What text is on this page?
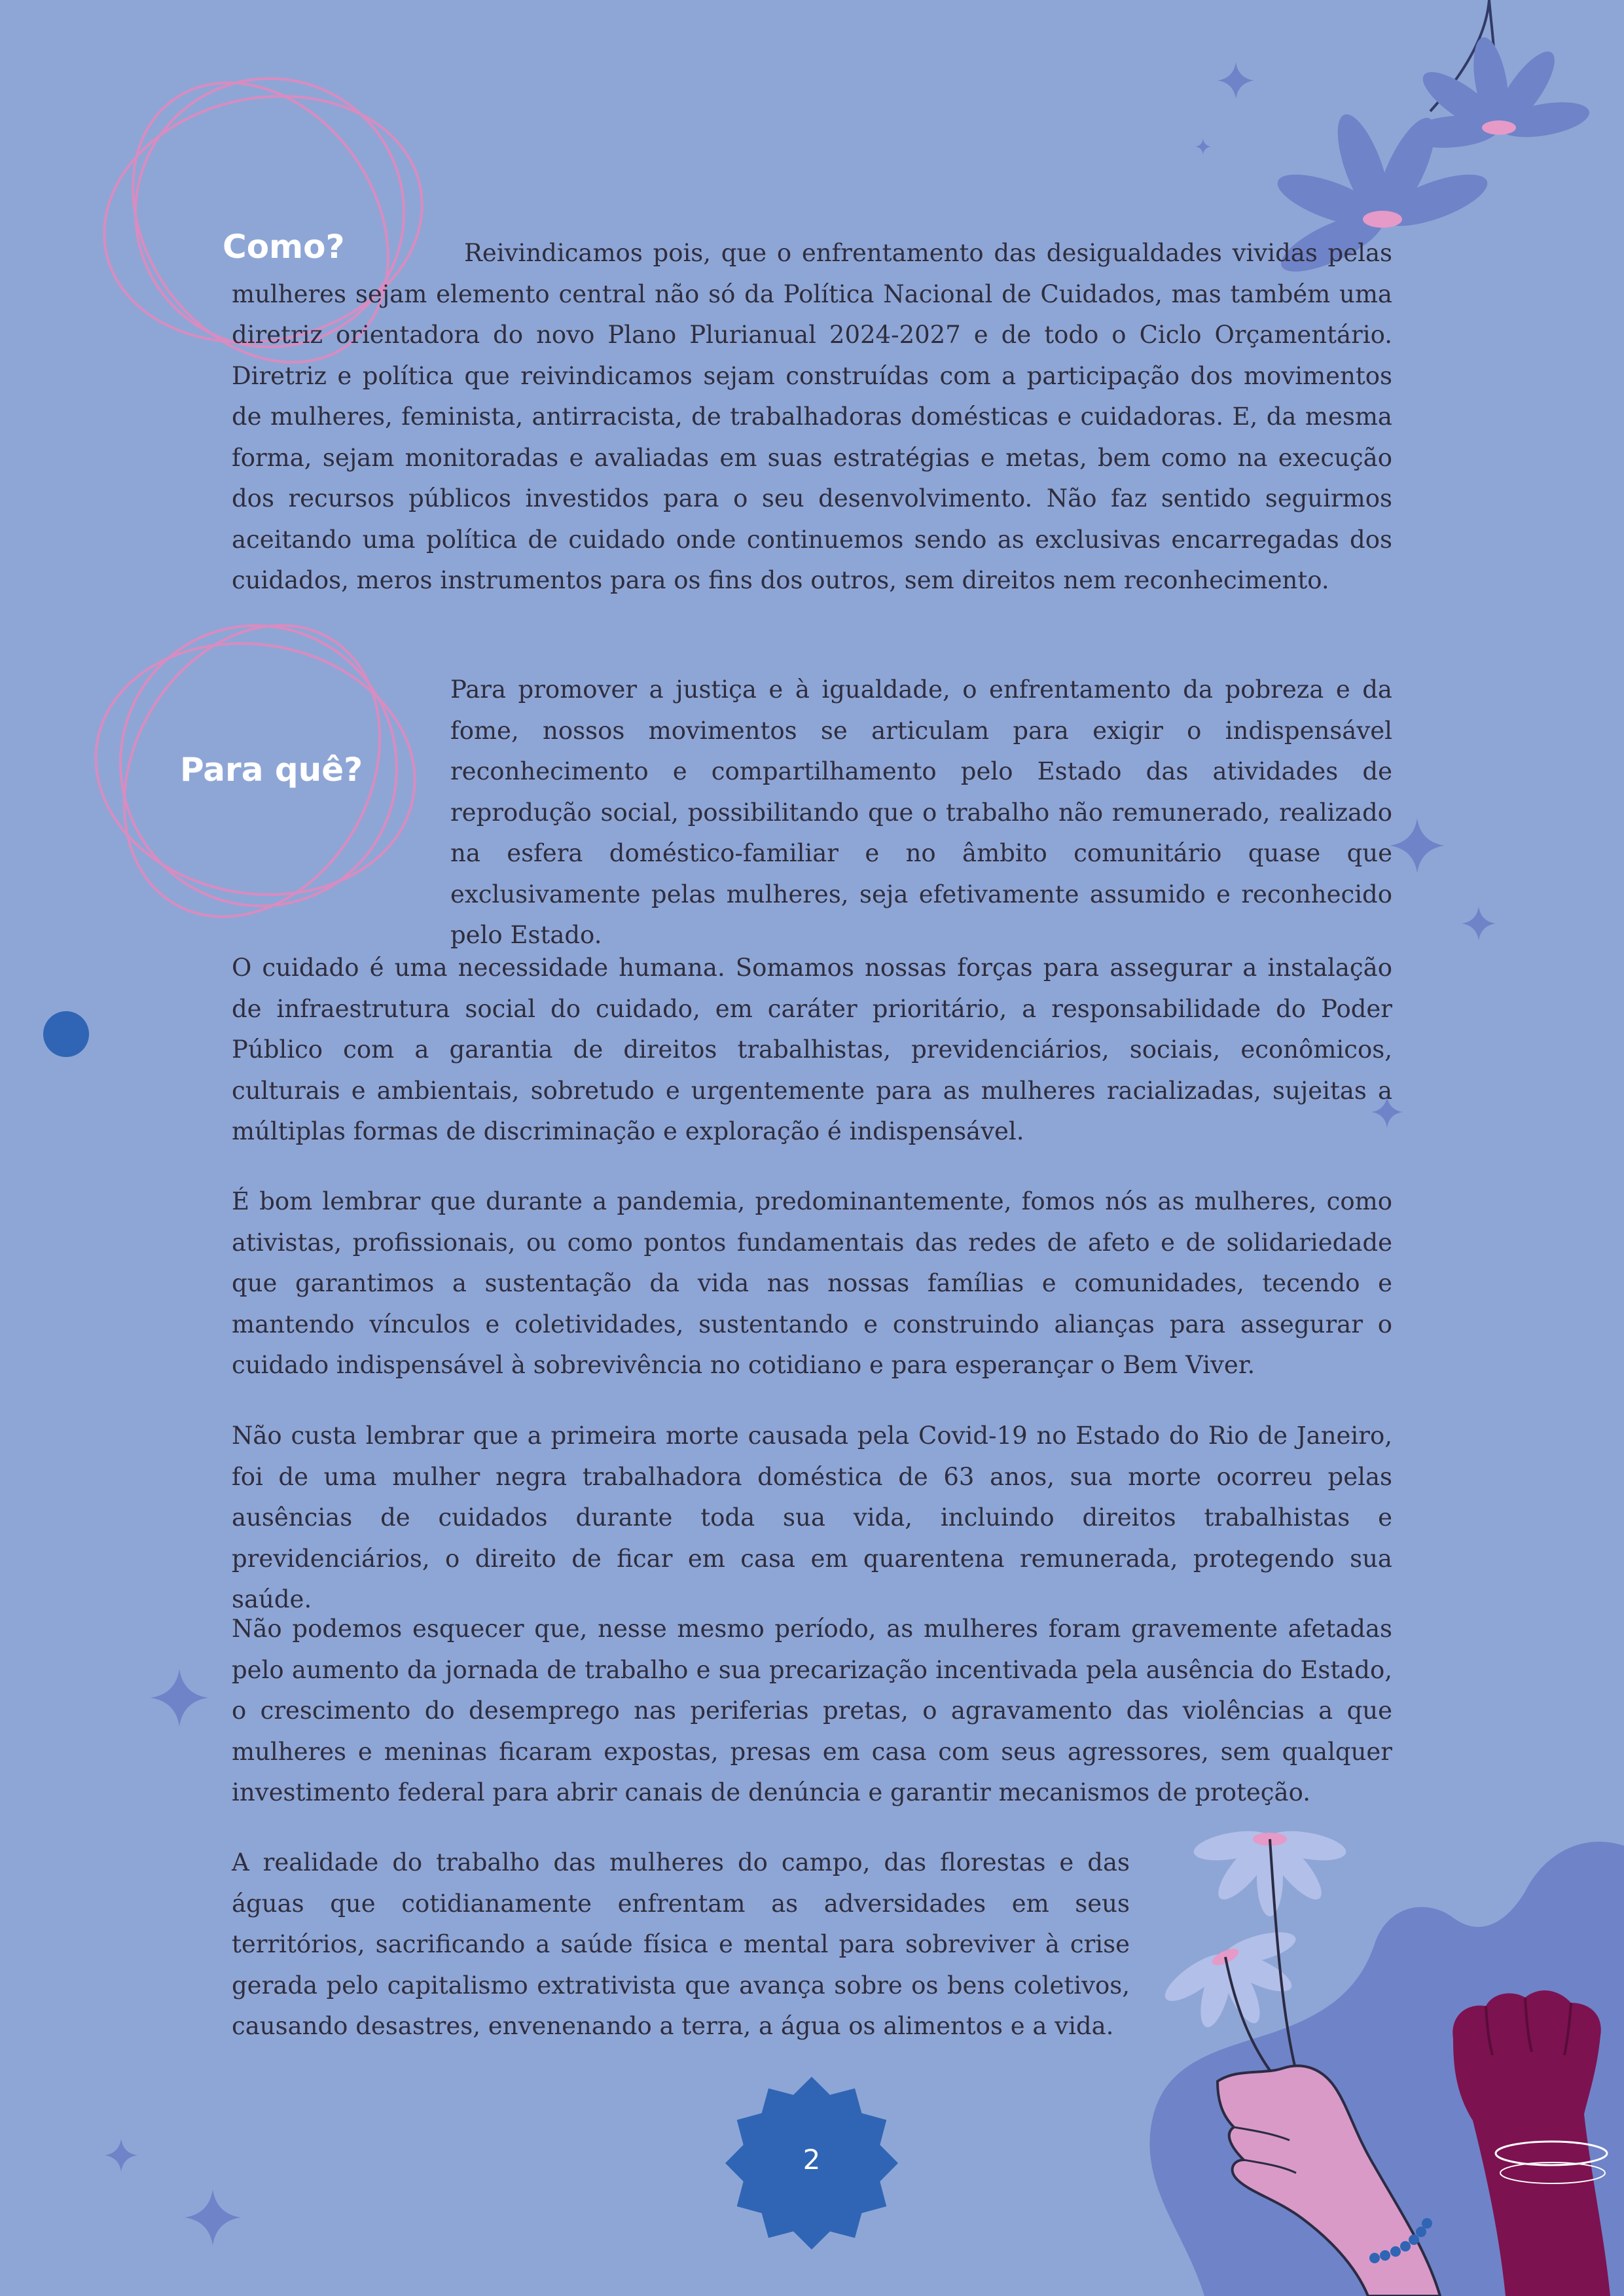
Como?
Para quê?

Reivindicamos pois, que o enfrentamento das desigualdades vividas pelas mulheres sejam elemento central não só da Política Nacional de Cuidados, mas também uma diretriz orientadora do novo Plano Plurianual 2024-2027 e de todo o Ciclo Orçamentário. Diretriz e política que reivindicamos sejam construídas com a participação dos movimentos de mulheres, feminista, antirracista, de trabalhadoras domésticas e cuidadoras. E, da mesma forma, sejam monitoradas e avaliadas em suas estratégias e metas, bem como na execução dos recursos públicos investidos para o seu desenvolvimento. Não faz sentido seguirmos aceitando uma política de cuidado onde continuemos sendo as exclusivas encarregadas dos cuidados, meros instrumentos para os fins dos outros, sem direitos nem reconhecimento.

Para promover a justiça e à igualdade, o enfrentamento da pobreza e da fome, nossos movimentos se articulam para exigir o indispensável reconhecimento e compartilhamento pelo Estado das atividades de reprodução social, possibilitando que o trabalho não remunerado, realizado na esfera doméstico-familiar e no âmbito comunitário quase que exclusivamente pelas mulheres, seja efetivamente assumido e reconhecido pelo Estado.

O cuidado é uma necessidade humana. Somamos nossas forças para assegurar a instalação de infraestrutura social do cuidado, em caráter prioritário, a responsabilidade do Poder Público com a garantia de direitos trabalhistas, previdenciários, sociais, econômicos, culturais e ambientais, sobretudo e urgentemente para as mulheres racializadas, sujeitas a múltiplas formas de discriminação e exploração é indispensável.

É bom lembrar que durante a pandemia, predominantemente, fomos nós as mulheres, como ativistas, profissionais, ou como pontos fundamentais das redes de afeto e de solidariedade que garantimos a sustentação da vida nas nossas famílias e comunidades, tecendo e mantendo vínculos e coletividades, sustentando e construindo alianças para assegurar o cuidado indispensável à sobrevivência no cotidiano e para esperançar o Bem Viver.

Não custa lembrar que a primeira morte causada pela Covid-19 no Estado do Rio de Janeiro, foi de uma mulher negra trabalhadora doméstica de 63 anos, sua morte ocorreu pelas ausências de cuidados durante toda sua vida, incluindo direitos trabalhistas e previdenciários, o direito de ficar em casa em quarentena remunerada, protegendo sua saúde.

Não podemos esquecer que, nesse mesmo período, as mulheres foram gravemente afetadas pelo aumento da jornada de trabalho e sua precarização incentivada pela ausência do Estado, o crescimento do desemprego nas periferias pretas, o agravamento das violências a que mulheres e meninas ficaram expostas, presas em casa com seus agressores, sem qualquer investimento federal para abrir canais de denúncia e garantir mecanismos de proteção.

A realidade do trabalho das mulheres do campo, das florestas e das águas que cotidianamente enfrentam as adversidades em seus territórios, sacrificando a saúde física e mental para sobreviver à crise gerada pelo capitalismo extrativista que avança sobre os bens coletivos, causando desastres, envenenando a terra, a água os alimentos e a vida.

2
